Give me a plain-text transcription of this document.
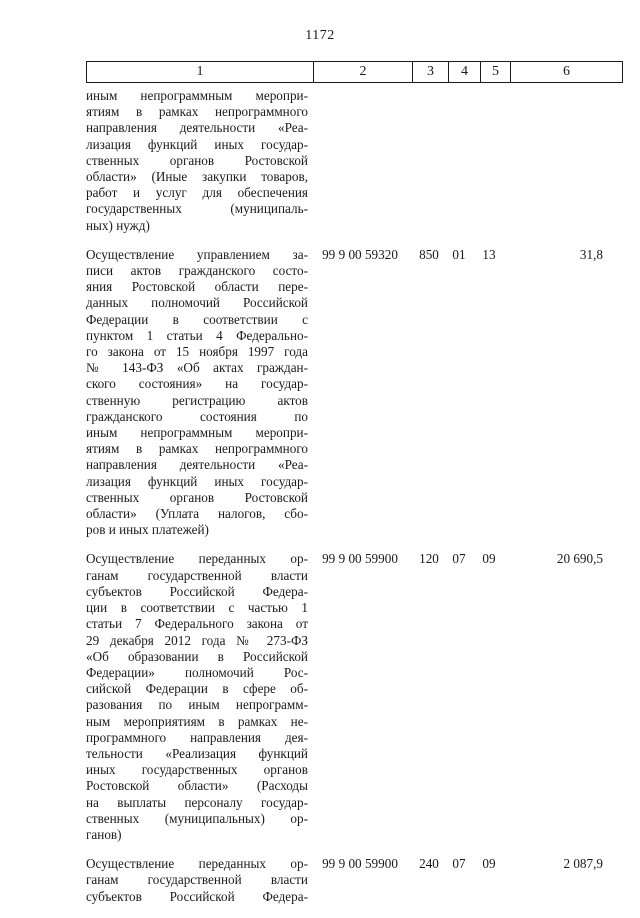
1172
1	2	3	4	5	6
иным непрограммным меропри-
ятиям в рамках непрограммного
направления деятельности «Реа-
лизация функций иных государ-
ственных органов Ростовской
области» (Иные закупки товаров,
работ и услуг для обеспечения
государственных (муниципаль-
ных) нужд)
Осуществление управлением за-
писи актов гражданского состо-
яния Ростовской области пере-
данных полномочий Российской
Федерации в соответствии с
пунктом 1 статьи 4 Федерально-
го закона от 15 ноября 1997 года
№ 143-ФЗ «Об актах граждан-
ского состояния» на государ-
ственную регистрацию актов
гражданского состояния по
иным непрограммным меропри-
ятиям в рамках непрограммного
направления деятельности «Реа-
лизация функций иных государ-
ственных органов Ростовской
области» (Уплата налогов, сбо-
ров и иных платежей)
99 9 00 59320	850	01	13	31,8
Осуществление переданных ор-
ганам государственной власти
субъектов Российской Федера-
ции в соответствии с частью 1
статьи 7 Федерального закона от
29 декабря 2012 года № 273-ФЗ
«Об образовании в Российской
Федерации» полномочий Рос-
сийской Федерации в сфере об-
разования по иным непрограмм-
ным мероприятиям в рамках не-
программного направления дея-
тельности «Реализация функций
иных государственных органов
Ростовской области» (Расходы
на выплаты персоналу государ-
ственных (муниципальных) ор-
ганов)
99 9 00 59900	120	07	09	20 690,5
Осуществление переданных ор-
ганам государственной власти
субъектов Российской Федера-
99 9 00 59900	240	07	09	2 087,9
